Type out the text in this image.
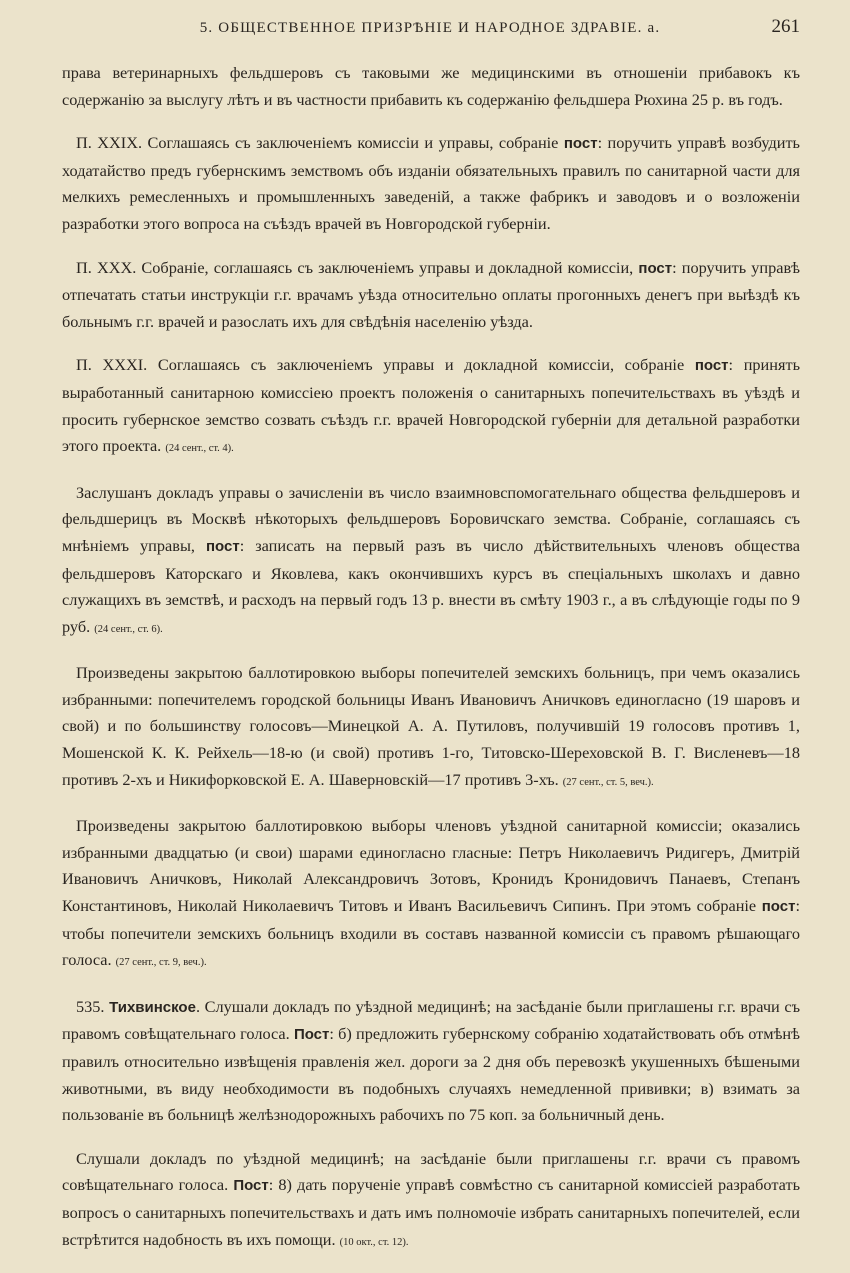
5. ОБЩЕСТВЕННОЕ ПРИЗРѢНІЕ И НАРОДНОЕ ЗДРАВІЕ. а.	261

права ветеринарныхъ фельдшеровъ съ таковыми же медицинскими въ отношеніи прибавокъ къ содержанію за выслугу лѣтъ и въ частности прибавить къ содержанію фельдшера Рюхина 25 р. въ годъ.

П. XXIX. Соглашаясь съ заключеніемъ комиссіи и управы, собраніе пост: поручить управѣ возбудить ходатайство предъ губернскимъ земствомъ объ изданіи обязательныхъ правилъ по санитарной части для мелкихъ ремесленныхъ и промышленныхъ заведеній, а также фабрикъ и заводовъ и о возложеніи разработки этого вопроса на съѣздъ врачей въ Новгородской губерніи.

П. XXX. Собраніе, соглашаясь съ заключеніемъ управы и докладной комиссіи, пост: поручить управѣ отпечатать статьи инструкціи г.г. врачамъ уѣзда относительно оплаты прогонныхъ денегъ при выѣздѣ къ больнымъ г.г. врачей и разослать ихъ для свѣдѣнія населенію уѣзда.

П. XXXI. Соглашаясь съ заключеніемъ управы и докладной комиссіи, собраніе пост: принять выработанный санитарною комиссіею проектъ положенія о санитарныхъ попечительствахъ въ уѣздѣ и просить губернское земство созвать съѣздъ г.г. врачей Новгородской губерніи для детальной разработки этого проекта. (24 сент., ст. 4).

Заслушанъ докладъ управы о зачисленіи въ число взаимновспомогательнаго общества фельдшеровъ и фельдшерицъ въ Москвѣ нѣкоторыхъ фельдшеровъ Боровичскаго земства. Собраніе, соглашаясь съ мнѣніемъ управы, пост: записать на первый разъ въ число дѣйствительныхъ членовъ общества фельдшеровъ Каторскаго и Яковлева, какъ окончившихъ курсъ въ спеціальныхъ школахъ и давно служащихъ въ земствѣ, и расходъ на первый годъ 13 р. внести въ смѣту 1903 г., а въ слѣдующіе годы по 9 руб. (24 сент., ст. 6).

Произведены закрытою баллотировкою выборы попечителей земскихъ больницъ, при чемъ оказались избранными: попечителемъ городской больницы Иванъ Ивановичъ Аничковъ единогласно (19 шаровъ и свой) и по большинству голосовъ—Минецкой А. А. Путиловъ, получившій 19 голосовъ противъ 1, Мошенской К. К. Рейхель—18-ю (и свой) противъ 1-го, Титовско-Шереховской В. Г. Висленевъ—18 противъ 2-хъ и Никифорковской Е. А. Шаверновскій—17 противъ 3-хъ. (27 сент., ст. 5, веч.).

Произведены закрытою баллотировкою выборы членовъ уѣздной санитарной комиссіи; оказались избранными двадцатью (и свои) шарами единогласно гласные: Петръ Николаевичъ Ридигеръ, Дмитрій Ивановичъ Аничковъ, Николай Александровичъ Зотовъ, Кронидъ Кронидовичъ Панаевъ, Степанъ Константиновъ, Николай Николаевичъ Титовъ и Иванъ Васильевичъ Сипинъ. При этомъ собраніе пост: чтобы попечители земскихъ больницъ входили въ составъ названной комиссіи съ правомъ рѣшающаго голоса. (27 сент., ст. 9, веч.).

535. Тихвинское. Слушали докладъ по уѣздной медицинѣ; на засѣданіе были приглашены г.г. врачи съ правомъ совѣщательнаго голоса. Пост: б) предложить губернскому собранію ходатайствовать объ отмѣнѣ правилъ относительно извѣщенія правленія жел. дороги за 2 дня объ перевозкѣ укушенныхъ бѣшеными животными, въ виду необходимости въ подобныхъ случаяхъ немедленной прививки; в) взимать за пользованіе въ больницѣ желѣзнодорожныхъ рабочихъ по 75 коп. за больничный день.

Слушали докладъ по уѣздной медицинѣ; на засѣданіе были приглашены г.г. врачи съ правомъ совѣщательнаго голоса. Пост: 8) дать порученіе управѣ совмѣстно съ санитарной комиссіей разработать вопросъ о санитарныхъ попечительствахъ и дать имъ полномочіе избрать санитарныхъ попечителей, если встрѣтится надобность въ ихъ помощи. (10 окт., ст. 12).
